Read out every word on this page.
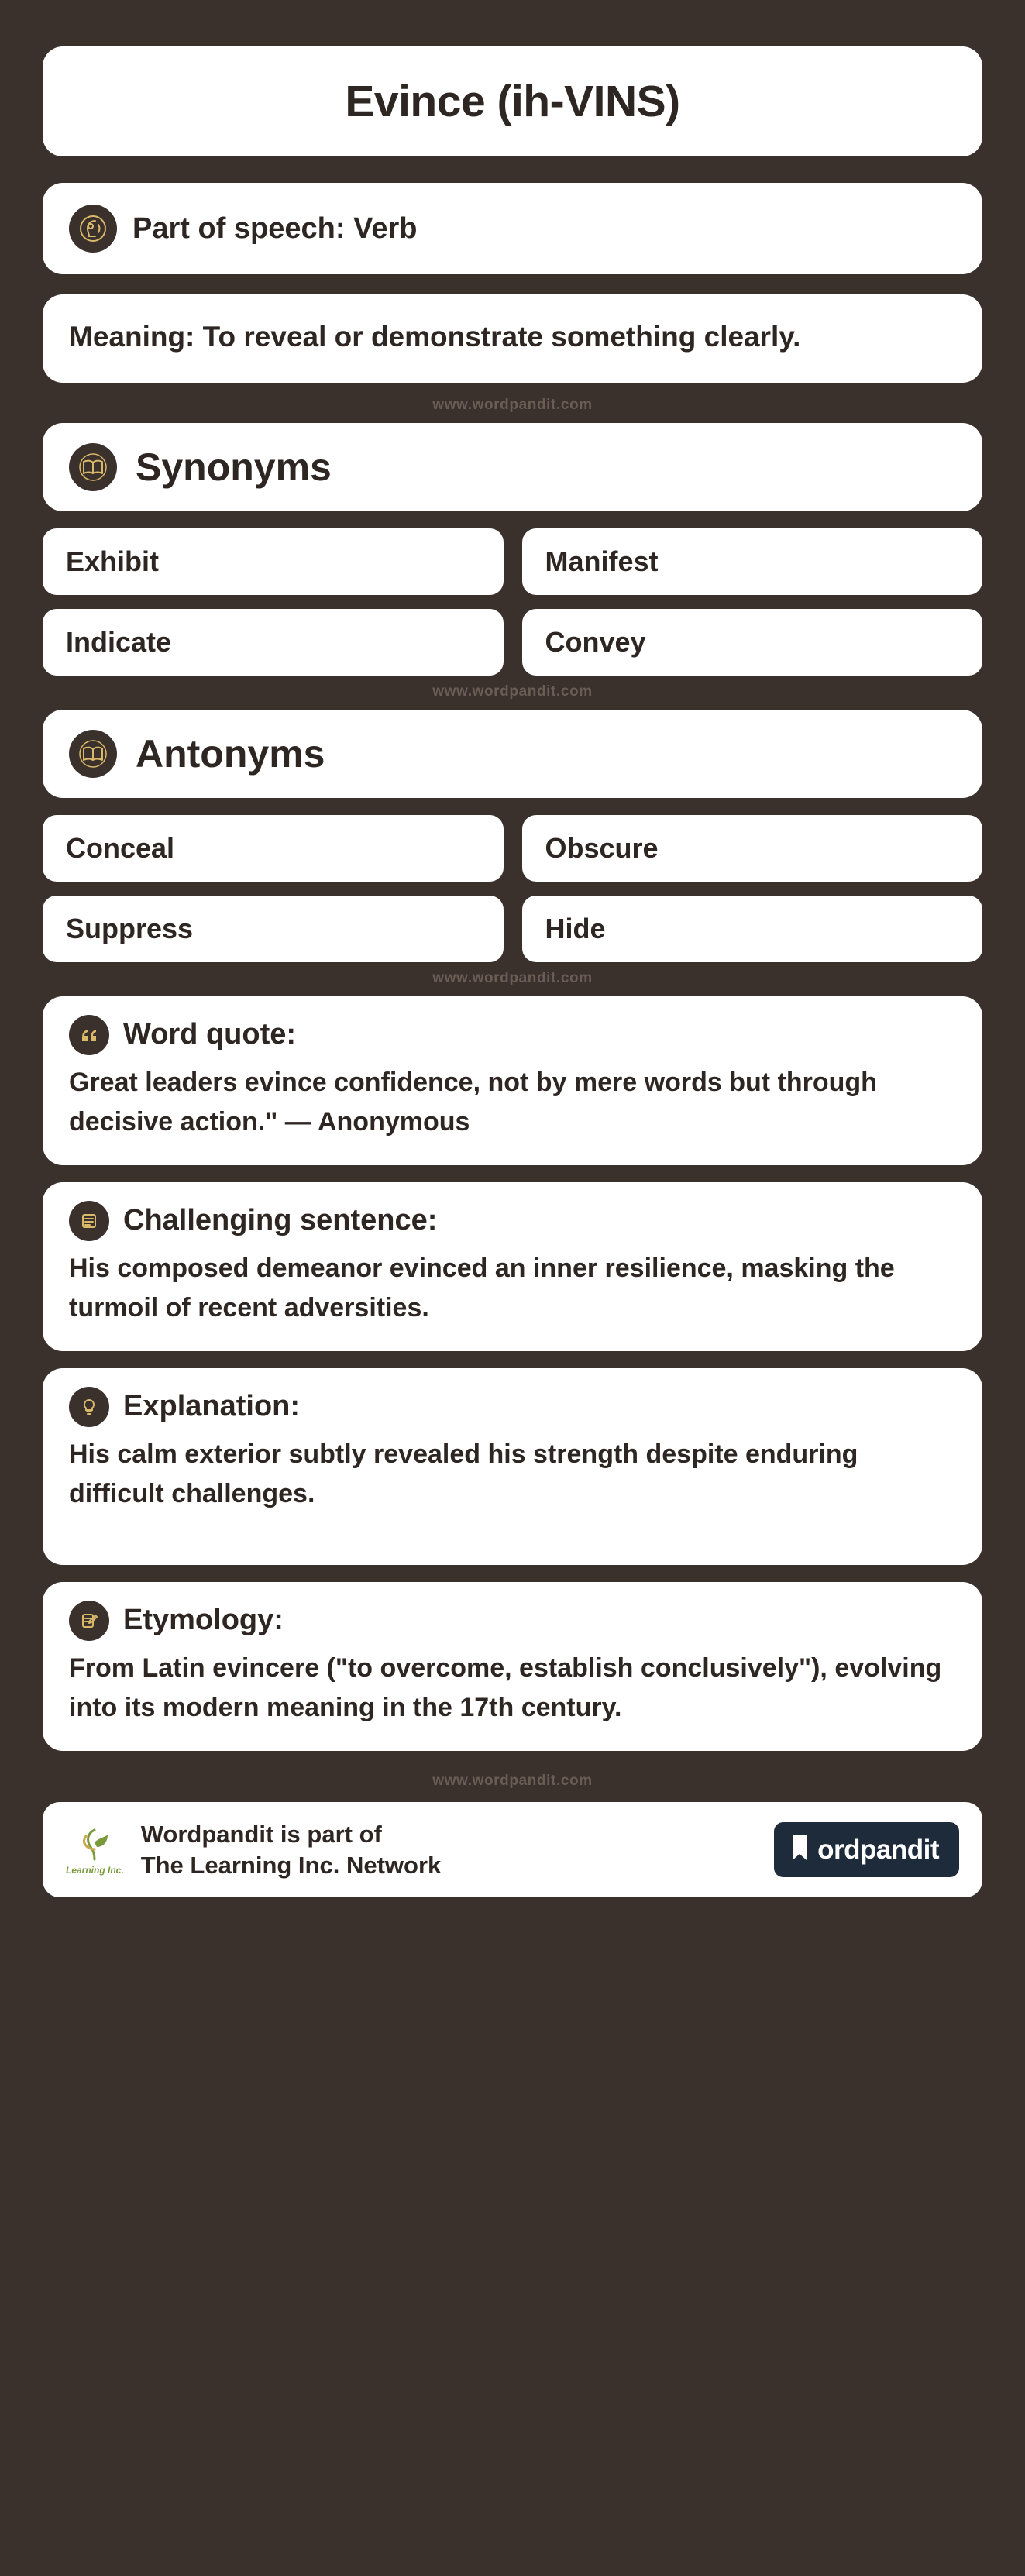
Evince (ih-VINS)
Part of speech: Verb
Meaning: To reveal or demonstrate something clearly.
www.wordpandit.com
Synonyms
Exhibit	Manifest
Indicate	Convey
www.wordpandit.com
Antonyms
Conceal	Obscure
Suppress	Hide
www.wordpandit.com
Word quote:
Great leaders evince confidence, not by mere words but through decisive action." — Anonymous
Challenging sentence:
His composed demeanor evinced an inner resilience, masking the turmoil of recent adversities.
Explanation:
His calm exterior subtly revealed his strength despite enduring difficult challenges.
Etymology:
From Latin evincere ("to overcome, establish conclusively"), evolving into its modern meaning in the 17th century.
www.wordpandit.com
Learning Inc.
Wordpandit is part of
The Learning Inc. Network
ordpandit
